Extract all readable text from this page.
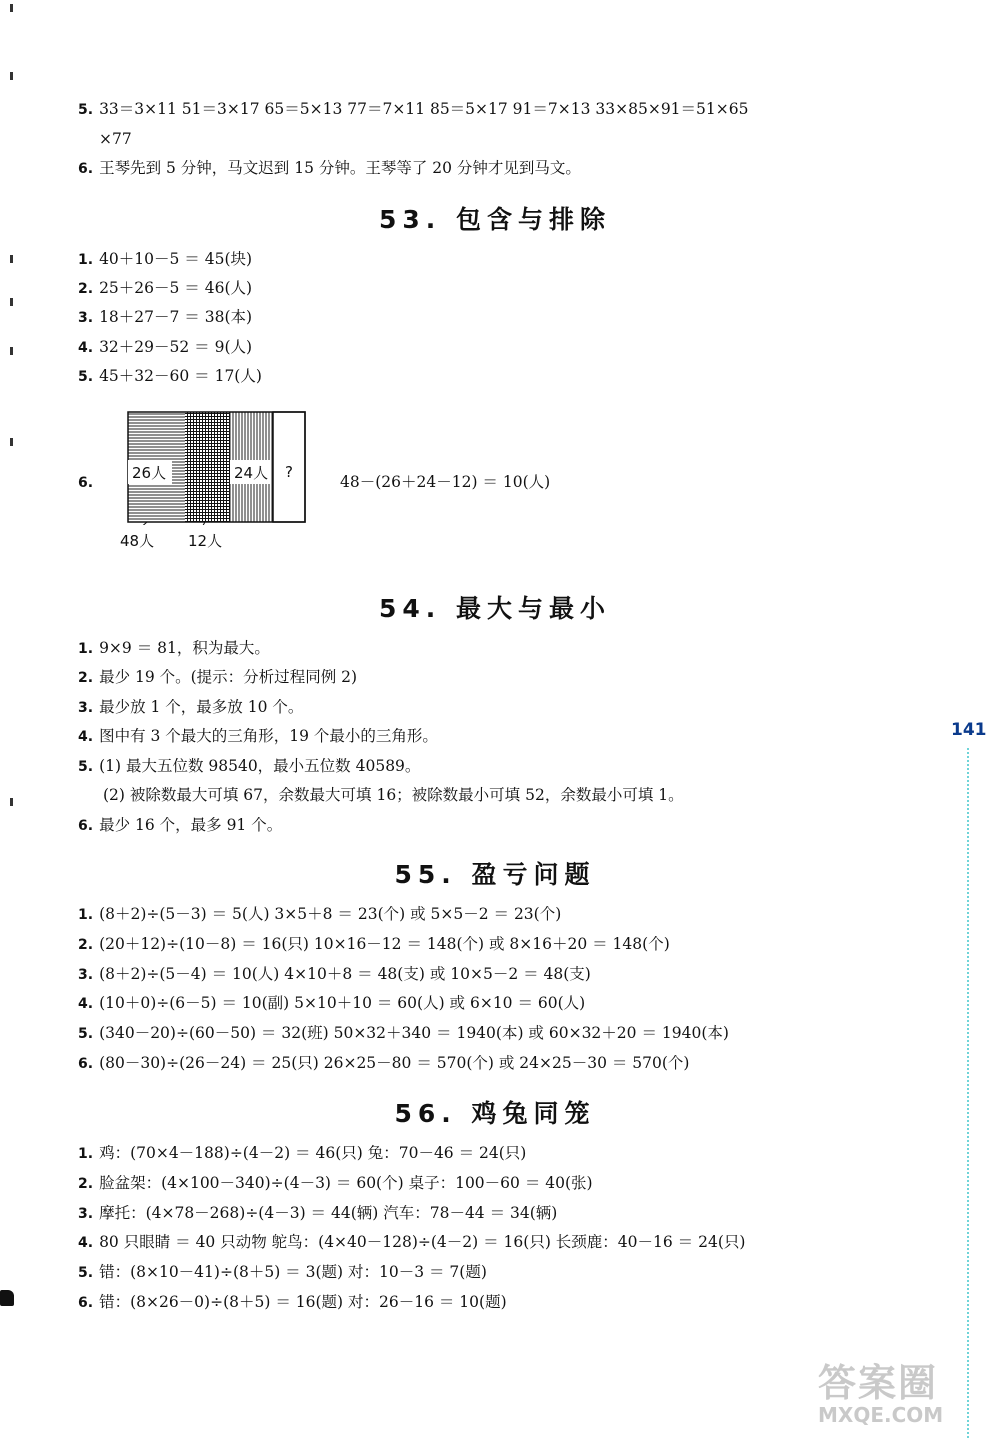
5. 33＝3×11 51＝3×17 65＝5×13 77＝7×11 85＝5×17 91＝7×13 33×85×91＝51×65
×77
6. 王琴先到 5 分钟，马文迟到 15 分钟。王琴等了 20 分钟才见到马文。
53. 包含与排除
1. 40＋10－5 ＝ 45(块)
2. 25＋26－5 ＝ 46(人)
3. 18＋27－7 ＝ 38(本)
4. 32＋29－52 ＝ 9(人)
5. 45＋32－60 ＝ 17(人)
6.
26人	24人 ?
48人 12人
48－(26＋24－12) ＝ 10(人)
54. 最大与最小
1. 9×9 ＝ 81，积为最大。
2. 最少 19 个。(提示：分析过程同例 2)
3. 最少放 1 个，最多放 10 个。
4. 图中有 3 个最大的三角形，19 个最小的三角形。
5. (1) 最大五位数 98540，最小五位数 40589。
(2) 被除数最大可填 67，余数最大可填 16；被除数最小可填 52，余数最小可填 1。
6. 最少 16 个，最多 91 个。
55. 盈亏问题
1. (8＋2)÷(5－3) ＝ 5(人) 3×5＋8 ＝ 23(个) 或 5×5－2 ＝ 23(个)
2. (20＋12)÷(10－8) ＝ 16(只) 10×16－12 ＝ 148(个) 或 8×16＋20 ＝ 148(个)
3. (8＋2)÷(5－4) ＝ 10(人) 4×10＋8 ＝ 48(支) 或 10×5－2 ＝ 48(支)
4. (10＋0)÷(6－5) ＝ 10(副) 5×10＋10 ＝ 60(人) 或 6×10 ＝ 60(人)
5. (340－20)÷(60－50) ＝ 32(班) 50×32＋340 ＝ 1940(本) 或 60×32＋20 ＝ 1940(本)
6. (80－30)÷(26－24) ＝ 25(只) 26×25－80 ＝ 570(个) 或 24×25－30 ＝ 570(个)
56. 鸡兔同笼
1. 鸡：(70×4－188)÷(4－2) ＝ 46(只) 兔：70－46 ＝ 24(只)
2. 脸盆架：(4×100－340)÷(4－3) ＝ 60(个) 桌子：100－60 ＝ 40(张)
3. 摩托：(4×78－268)÷(4－3) ＝ 44(辆) 汽车：78－44 ＝ 34(辆)
4. 80 只眼睛 ＝ 40 只动物 鸵鸟：(4×40－128)÷(4－2) ＝ 16(只) 长颈鹿：40－16 ＝ 24(只)
5. 错：(8×10－41)÷(8＋5) ＝ 3(题) 对：10－3 ＝ 7(题)
6. 错：(8×26－0)÷(8＋5) ＝ 16(题) 对：26－16 ＝ 10(题)
141
答案圈
MXQE.COM
